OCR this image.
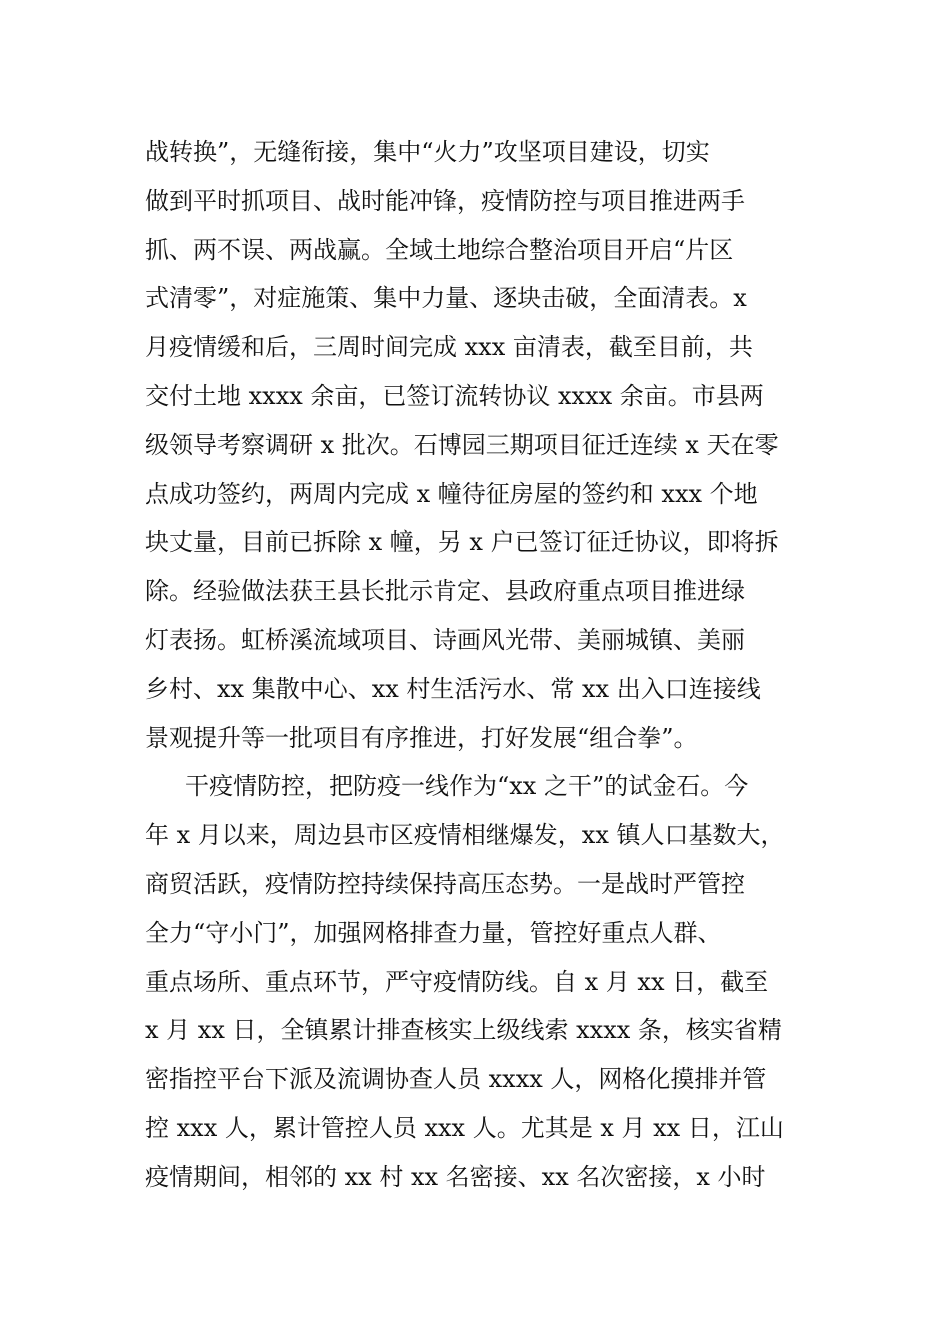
战转换”，无缝衔接，集中“火力”攻坚项目建设，切实
做到平时抓项目、战时能冲锋，疫情防控与项目推进两手
抓、两不误、两战赢。全域土地综合整治项目开启“片区
式清零”，对症施策、集中力量、逐块击破，全面清表。x
月疫情缓和后，三周时间完成 xxx 亩清表，截至目前，共
交付土地 xxxx 余亩，已签订流转协议 xxxx 余亩。市县两
级领导考察调研 x 批次。石博园三期项目征迁连续 x 天在零
点成功签约，两周内完成 x 幢待征房屋的签约和 xxx 个地
块丈量，目前已拆除 x 幢，另 x 户已签订征迁协议，即将拆
除。经验做法获王县长批示肯定、县政府重点项目推进绿
灯表扬。虹桥溪流域项目、诗画风光带、美丽城镇、美丽
乡村、xx 集散中心、xx 村生活污水、常 xx 出入口连接线
景观提升等一批项目有序推进，打好发展“组合拳”。
干疫情防控，把防疫一线作为“xx 之干”的试金石。今
年 x 月以来，周边县市区疫情相继爆发，xx 镇人口基数大，
商贸活跃，疫情防控持续保持高压态势。一是战时严管控
全力“守小门”，加强网格排查力量，管控好重点人群、
重点场所、重点环节，严守疫情防线。自 x 月 xx 日，截至
x 月 xx 日，全镇累计排查核实上级线索 xxxx 条，核实省精
密指控平台下派及流调协查人员 xxxx 人，网格化摸排并管
控 xxx 人，累计管控人员 xxx 人。尤其是 x 月 xx 日，江山
疫情期间，相邻的 xx 村 xx 名密接、xx 名次密接，x 小时
